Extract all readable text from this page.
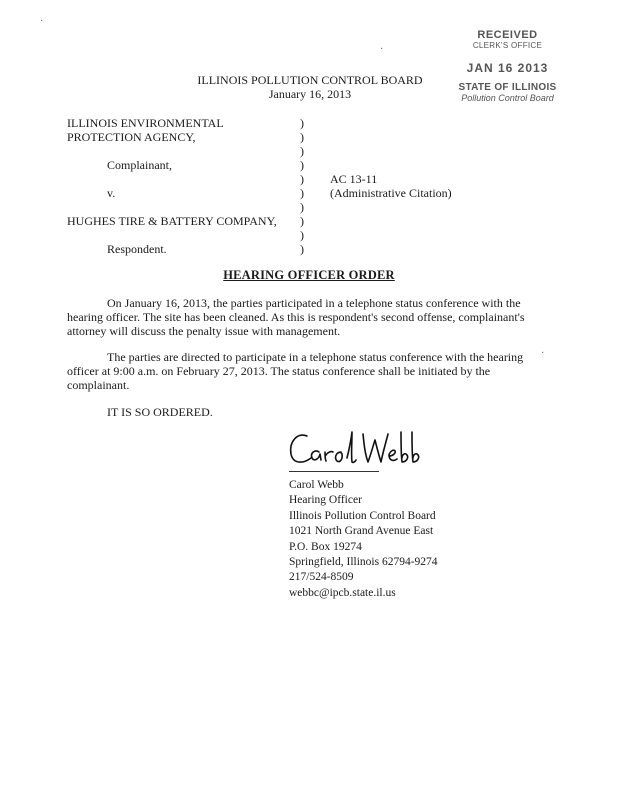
RECEIVED
CLERK'S OFFICE
JAN 16 2013
STATE OF ILLINOIS
Pollution Control Board
ILLINOIS POLLUTION CONTROL BOARD
January 16, 2013
ILLINOIS ENVIRONMENTAL
PROTECTION AGENCY,
Complainant,
v.
HUGHES TIRE & BATTERY COMPANY,
Respondent.
)
)
)
)
)
)
)
)
)
)
AC 13-11
(Administrative Citation)
HEARING OFFICER ORDER

On January 16, 2013, the parties participated in a telephone status conference with the hearing officer. The site has been cleaned. As this is respondent's second offense, complainant's attorney will discuss the penalty issue with management.

The parties are directed to participate in a telephone status conference with the hearing officer at 9:00 a.m. on February 27, 2013. The status conference shall be initiated by the complainant.

IT IS SO ORDERED.
Carol Webb
Hearing Officer
Illinois Pollution Control Board
1021 North Grand Avenue East
P.O. Box 19274
Springfield, Illinois 62794-9274
217/524-8509
webbc@ipcb.state.il.us
·
·
·
